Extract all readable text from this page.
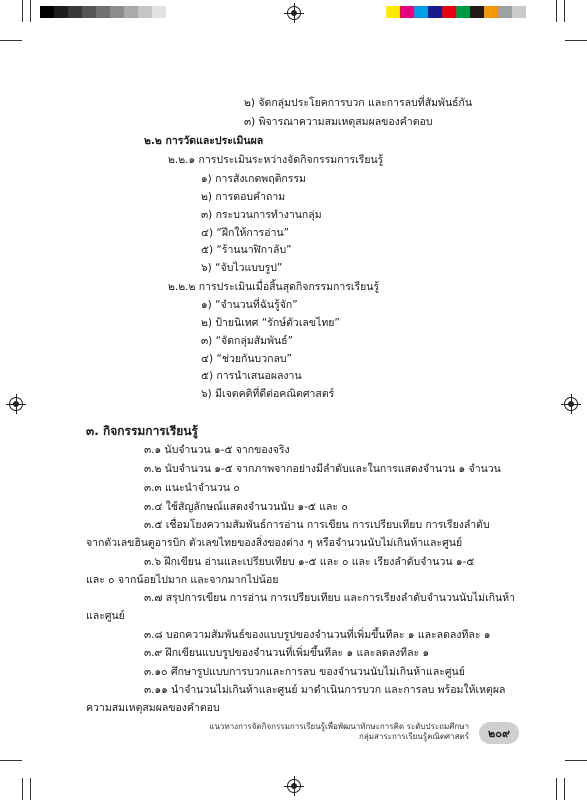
๒) จัดกลุ่มประโยคการบวก และการลบที่สัมพันธ์กัน
๓) พิจารณาความสมเหตุสมผลของคำตอบ
๒.๒ การวัดและประเมินผล
๒.๒.๑ การประเมินระหว่างจัดกิจกรรมการเรียนรู้
๑) การสังเกตพฤติกรรม
๒) การตอบคำถาม
๓) กระบวนการทำงานกลุ่ม
๔) “ฝึกให้การอ่าน”
๕) “ร้านนาฬิกาลับ”
๖) “จับไวแบบรูป”
๒.๒.๒ การประเมินเมื่อสิ้นสุดกิจกรรมการเรียนรู้
๑) “จำนวนที่ฉันรู้จัก”
๒) ป้ายนิเทศ “รักษ์ตัวเลขไทย”
๓) “จัดกลุ่มสัมพันธ์”
๔) “ช่วยกันบวกลบ”
๕) การนำเสนอผลงาน
๖) มีเจตคติที่ดีต่อคณิตศาสตร์
๓. กิจกรรมการเรียนรู้
๓.๑ นับจำนวน ๑-๕ จากของจริง
๓.๒ นับจำนวน ๑-๕ จากภาพจากอย่างมีลำดับและในการแสดงจำนวน ๑ จำนวน
๓.๓ แนะนำจำนวน ๐
๓.๔ ใช้สัญลักษณ์แสดงจำนวนนับ ๑-๕ และ ๐
๓.๕ เชื่อมโยงความสัมพันธ์การอ่าน การเขียน การเปรียบเทียบ การเรียงลำดับ
จากตัวเลขฮินดูอารบิก ตัวเลขไทยของสิ่งของต่าง ๆ หรือจำนวนนับไม่เกินห้าและศูนย์
๓.๖ ฝึกเขียน อ่านและเปรียบเทียบ ๑-๕ และ ๐ และ เรียงลำดับจำนวน ๑-๕
และ ๐ จากน้อยไปมาก และจากมากไปน้อย
๓.๗ สรุปการเขียน การอ่าน การเปรียบเทียบ และการเรียงลำดับจำนวนนับไม่เกินห้า
และศูนย์
๓.๘ บอกความสัมพันธ์ของแบบรูปของจำนวนที่เพิ่มขึ้นทีละ ๑ และลดลงทีละ ๑
๓.๙ ฝึกเขียนแบบรูปของจำนวนที่เพิ่มขึ้นทีละ ๑ และลดลงทีละ ๑
๓.๑๐ ศึกษารูปแบบการบวกและการลบ ของจำนวนนับไม่เกินห้าและศูนย์
๓.๑๑ นำจำนวนไม่เกินห้าและศูนย์ มาดำเนินการบวก และการลบ พร้อมให้เหตุผล
ความสมเหตุสมผลของคำตอบ
แนวทางการจัดกิจกรรมการเรียนรู้เพื่อพัฒนาทักษะการคิด ระดับประถมศึกษา
กลุ่มสาระการเรียนรู้คณิตศาสตร์	๒๐๙
